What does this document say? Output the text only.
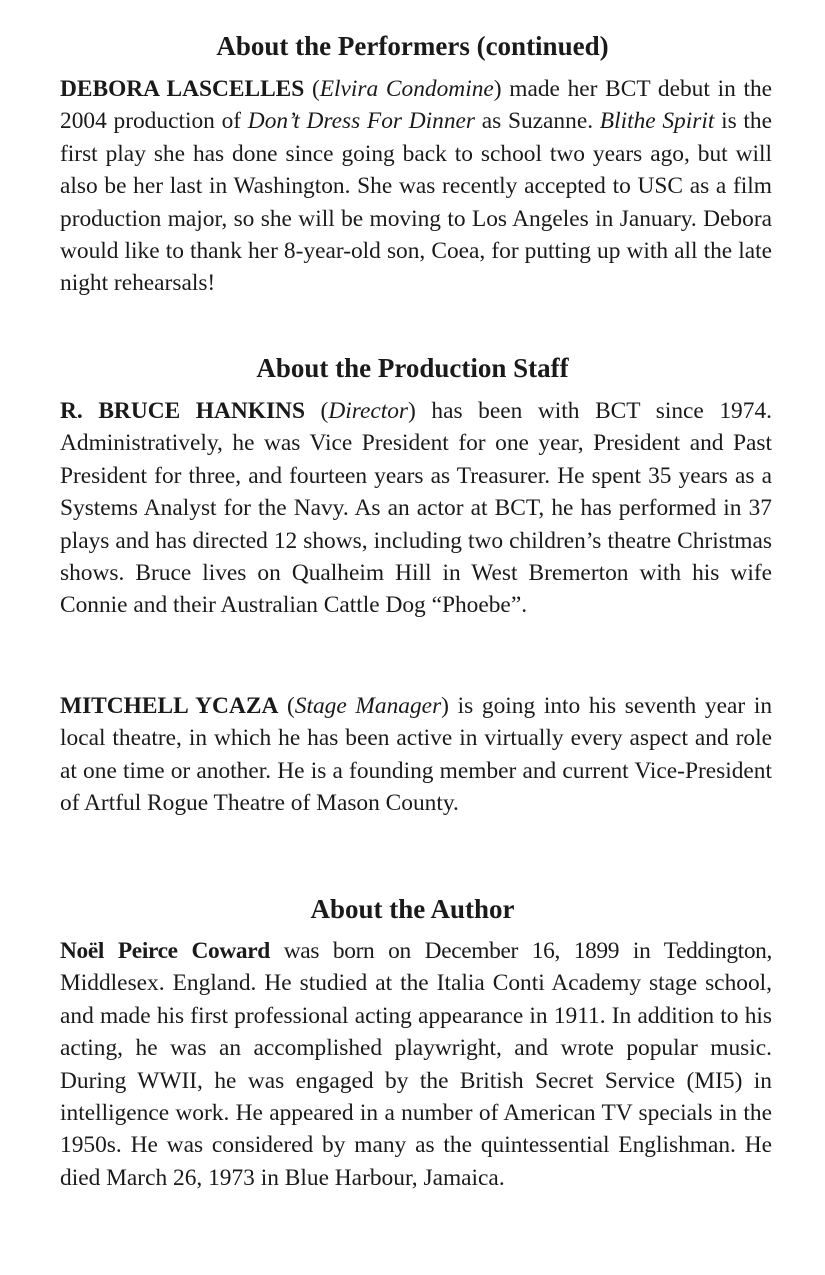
About the Performers (continued)

DEBORA LASCELLES (Elvira Condomine) made her BCT debut in the 2004 production of Don’t Dress For Dinner as Suzanne. Blithe Spirit is the first play she has done since going back to school two years ago, but will also be her last in Washington. She was recently accepted to USC as a film production major, so she will be moving to Los Angeles in January. Debora would like to thank her 8-year-old son, Coea, for putting up with all the late night rehearsals!

About the Production Staff

R. BRUCE HANKINS (Director) has been with BCT since 1974. Administratively, he was Vice President for one year, President and Past President for three, and fourteen years as Treasurer. He spent 35 years as a Systems Analyst for the Navy. As an actor at BCT, he has performed in 37 plays and has directed 12 shows, including two children’s theatre Christmas shows. Bruce lives on Qualheim Hill in West Bremerton with his wife Connie and their Australian Cattle Dog “Phoebe”.

MITCHELL YCAZA (Stage Manager) is going into his seventh year in local theatre, in which he has been active in virtually every aspect and role at one time or another. He is a founding member and current Vice-President of Artful Rogue Theatre of Mason County.

About the Author

Noël Peirce Coward was born on December 16, 1899 in Teddington, Middlesex. England. He studied at the Italia Conti Academy stage school, and made his first professional acting appearance in 1911. In addition to his acting, he was an accomplished playwright, and wrote popular music. During WWII, he was engaged by the British Secret Service (MI5) in intelligence work. He appeared in a number of American TV specials in the 1950s. He was considered by many as the quintessential Englishman. He died March 26, 1973 in Blue Harbour, Jamaica.
